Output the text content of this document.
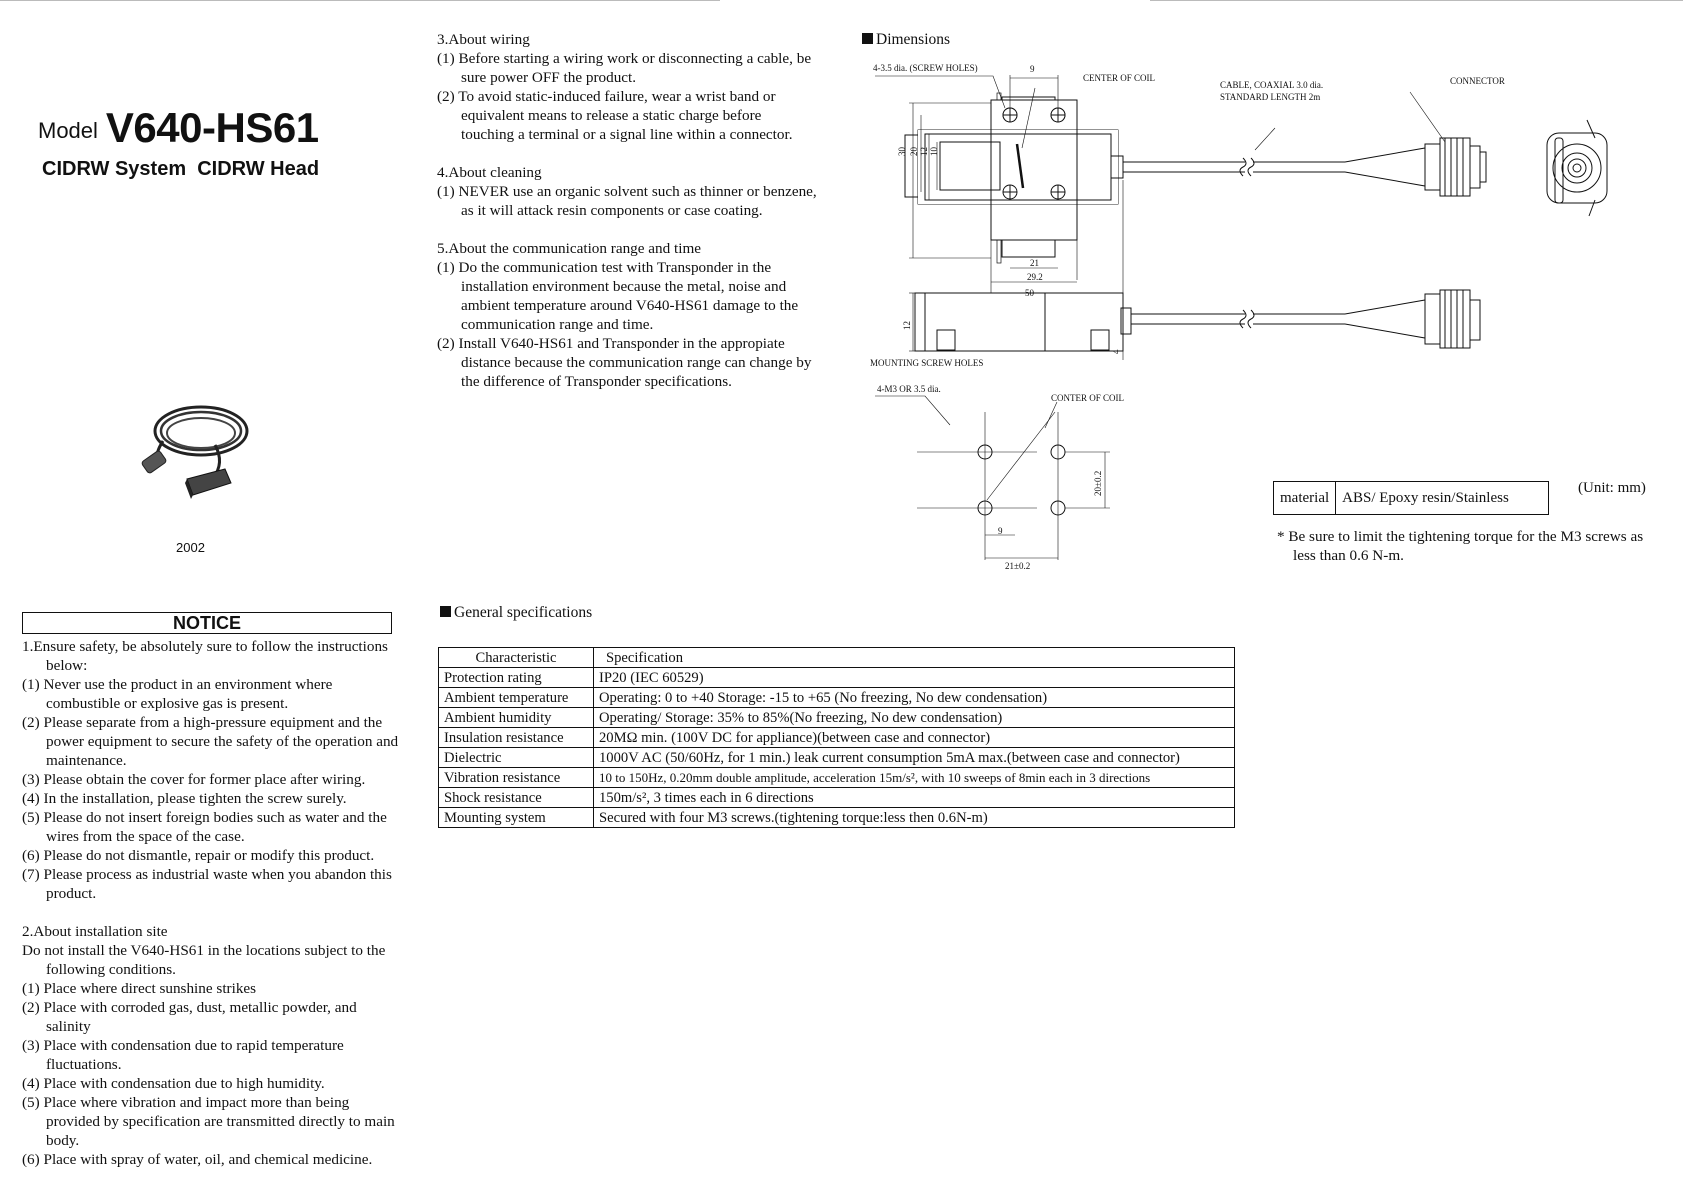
Model V640-HS61
CIDRW System  CIDRW Head
2002
NOTICE
1.Ensure safety, be absolutely sure to follow the instructions below:
(1) Never use the product in an environment where combustible or explosive gas is present.
(2) Please separate from a high-pressure equipment and the power equipment to secure the safety of the operation and maintenance.
(3) Please obtain the cover for former place after wiring.
(4) In the installation, please tighten the screw surely.
(5) Please do not insert foreign bodies such as water and the wires from the space of the case.
(6) Please do not dismantle, repair or modify this product.
(7) Please process as industrial waste when you abandon this product.
2.About installation site
Do not install the V640-HS61 in the locations subject to the following conditions.
(1) Place where direct sunshine strikes
(2) Place with corroded gas, dust, metallic powder, and salinity
(3) Place with condensation due to rapid temperature fluctuations.
(4) Place with condensation due to high humidity.
(5) Place where vibration and impact more than being provided by specification are transmitted directly to main body.
(6) Place with spray of water, oil, and chemical medicine.
3.About wiring
(1) Before starting a wiring work or disconnecting a cable, be sure power OFF the product.
(2) To avoid static-induced failure, wear a wrist band or equivalent means to release a static charge before touching a terminal or a signal line within a connector.
4.About cleaning
(1) NEVER use an organic solvent such as thinner or benzene, as it will attack resin components or case coating.
5.About the communication range and time
(1) Do the communication test with Transponder in the installation environment because the metal, noise and ambient temperature around V640-HS61 damage to the communication range and time.
(2) Install V640-HS61 and Transponder in the appropiate distance because the communication range can change by the difference of Transponder specifications.
Dimensions
4-3.5 dia. (SCREW HOLES)	9
CENTER OF COIL
CABLE, COAXIAL 3.0 dia.
STANDARD LENGTH 2m
CONNECTOR
30 20 12 10
21
29.2
50
12
4
MOUNTING SCREW HOLES
4-M3 OR 3.5 dia.
CONTER OF COIL
20±0.2
9
21±0.2
material	ABS/ Epoxy resin/Stainless
(Unit: mm)
* Be sure to limit the tightening torque for the M3 screws as less than 0.6 N-m.
General specifications
Characteristic	Specification
Protection rating	IP20 (IEC 60529)
Ambient temperature	Operating: 0 to +40 Storage: -15 to +65 (No freezing, No dew condensation)
Ambient humidity	Operating/ Storage: 35% to 85%(No freezing, No dew condensation)
Insulation resistance	20MΩ min. (100V DC for appliance)(between case and connector)
Dielectric	1000V AC (50/60Hz, for 1 min.) leak current consumption 5mA max.(between case and connector)
Vibration resistance	10 to 150Hz, 0.20mm double amplitude, acceleration 15m/s², with 10 sweeps of 8min each in 3 directions
Shock resistance	150m/s², 3 times each in 6 directions
Mounting system	Secured with four M3 screws.(tightening torque:less then 0.6N-m)
